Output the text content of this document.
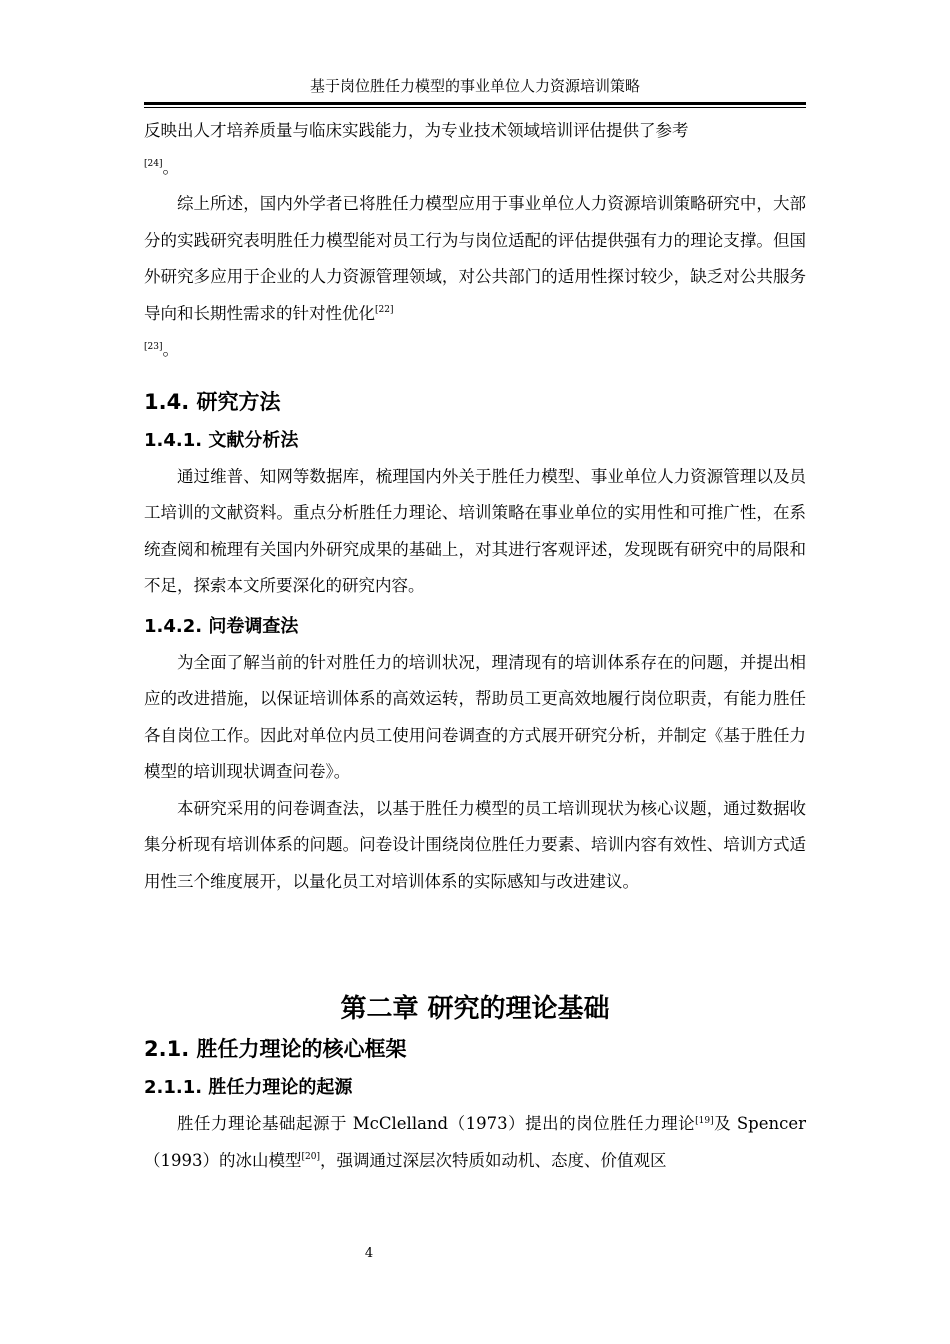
基于岗位胜任力模型的事业单位人力资源培训策略

反映出人才培养质量与临床实践能力，为专业技术领域培训评估提供了参考
[24]。

综上所述，国内外学者已将胜任力模型应用于事业单位人力资源培训策略研究中，大部分的实践研究表明胜任力模型能对员工行为与岗位适配的评估提供强有力的理论支撑。但国外研究多应用于企业的人力资源管理领域，对公共部门的适用性探讨较少，缺乏对公共服务导向和长期性需求的针对性优化[22]
[23]。

1.4. 研究方法
1.4.1. 文献分析法

通过维普、知网等数据库，梳理国内外关于胜任力模型、事业单位人力资源管理以及员工培训的文献资料。重点分析胜任力理论、培训策略在事业单位的实用性和可推广性，在系统查阅和梳理有关国内外研究成果的基础上，对其进行客观评述，发现既有研究中的局限和不足，探索本文所要深化的研究内容。

1.4.2. 问卷调查法

为全面了解当前的针对胜任力的培训状况，理清现有的培训体系存在的问题，并提出相应的改进措施，以保证培训体系的高效运转，帮助员工更高效地履行岗位职责，有能力胜任各自岗位工作。因此对单位内员工使用问卷调查的方式展开研究分析，并制定《基于胜任力模型的培训现状调查问卷》。

本研究采用的问卷调查法，以基于胜任力模型的员工培训现状为核心议题，通过数据收集分析现有培训体系的问题。问卷设计围绕岗位胜任力要素、培训内容有效性、培训方式适用性三个维度展开，以量化员工对培训体系的实际感知与改进建议。

第二章 研究的理论基础
2.1. 胜任力理论的核心框架
2.1.1. 胜任力理论的起源

胜任力理论基础起源于 McClelland（1973）提出的岗位胜任力理论[19]及 Spencer（1993）的冰山模型[20]，强调通过深层次特质如动机、态度、价值观区

4
